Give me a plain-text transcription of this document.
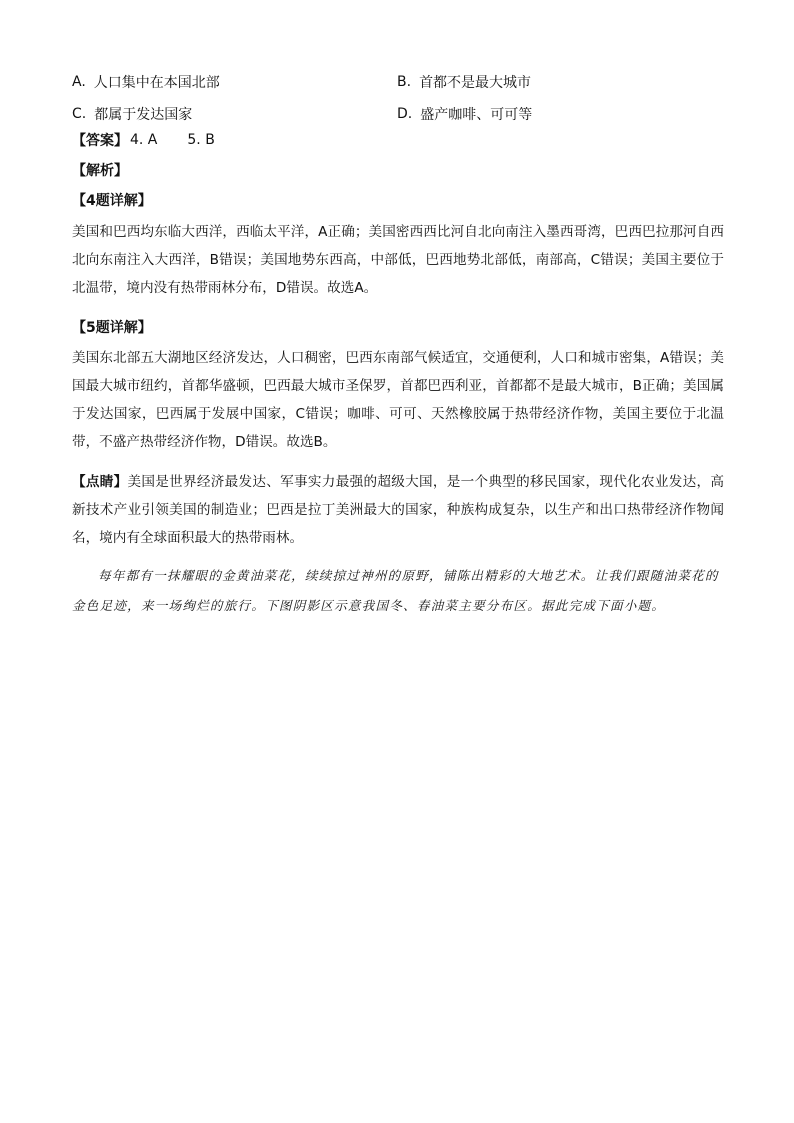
A. 人口集中在本国北部	B. 首都不是最大城市
C. 都属于发达国家	D. 盛产咖啡、可可等
【答案】 4. A 5. B
【解析】
【4题详解】

美国和巴西均东临大西洋，西临太平洋，A正确；美国密西西比河自北向南注入墨西哥湾，巴西巴拉那河自西北向东南注入大西洋，B错误；美国地势东西高，中部低，巴西地势北部低，南部高，C错误；美国主要位于北温带，境内没有热带雨林分布，D错误。故选A。

【5题详解】

美国东北部五大湖地区经济发达，人口稠密，巴西东南部气候适宜，交通便利，人口和城市密集，A错误；美国最大城市纽约，首都华盛顿，巴西最大城市圣保罗，首都巴西利亚，首都都不是最大城市，B正确；美国属于发达国家，巴西属于发展中国家，C错误；咖啡、可可、天然橡胶属于热带经济作物，美国主要位于北温带，不盛产热带经济作物，D错误。故选B。

【点睛】美国是世界经济最发达、军事实力最强的超级大国，是一个典型的移民国家，现代化农业发达，高新技术产业引领美国的制造业；巴西是拉丁美洲最大的国家，种族构成复杂，以生产和出口热带经济作物闻名，境内有全球面积最大的热带雨林。

每年都有一抹耀眼的金黄油菜花，续续掠过神州的原野，铺陈出精彩的大地艺术。让我们跟随油菜花的金色足迹，来一场绚烂的旅行。下图阴影区示意我国冬、春油菜主要分布区。据此完成下面小题。
